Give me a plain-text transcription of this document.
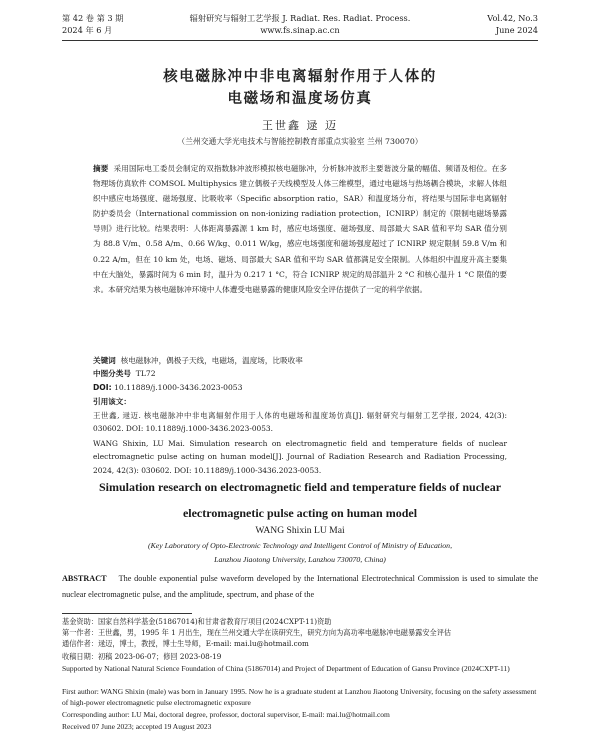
第 42 卷 第 3 期
2024 年 6 月
辐射研究与辐射工艺学报 J. Radiat. Res. Radiat. Process.
www.fs.sinap.ac.cn
Vol.42, No.3
June 2024
核电磁脉冲中非电离辐射作用于人体的
电磁场和温度场仿真
王世鑫 逯 迈
（兰州交通大学光电技术与智能控制教育部重点实验室 兰州 730070）
摘要 采用国际电工委员会制定的双指数脉冲波形模拟核电磁脉冲，分析脉冲波形主要谐波分量的幅值、频谱及相位。在多物理场仿真软件 COMSOL Multiphysics 建立偶极子天线模型及人体三维模型，通过电磁场与热场耦合模块，求解人体组织中感应电场强度、磁场强度、比吸收率（Specific absorption ratio，SAR）和温度场分布，将结果与国际非电离辐射防护委员会（International commission on non-ionizing radiation protection，ICNIRP）制定的《限制电磁场暴露导则》进行比较。结果表明：人体距离暴露源 1 km 时，感应电场强度、磁场强度、局部最大 SAR 值和平均 SAR 值分别为 88.8 V/m、0.58 A/m、0.66 W/kg、0.011 W/kg，感应电场强度和磁场强度超过了 ICNIRP 规定限制 59.8 V/m 和 0.22 A/m，但在 10 km 处，电场、磁场、局部最大 SAR 值和平均 SAR 值都满足安全限制。人体组织中温度升高主要集中在大脑处，暴露时间为 6 min 时，温升为 0.217 1 °C，符合 ICNIRP 规定的局部温升 2 °C 和核心温升 1 °C 限值的要求。本研究结果为核电磁脉冲环境中人体遭受电磁暴露的健康风险安全评估提供了一定的科学依据。
关键词 核电磁脉冲，偶极子天线，电磁场，温度场，比吸收率
中图分类号 TL72
DOI: 10.11889/j.1000-3436.2023-0053
引用该文：
王世鑫, 逯迈. 核电磁脉冲中非电离辐射作用于人体的电磁场和温度场仿真[J]. 辐射研究与辐射工艺学报, 2024, 42(3): 030602. DOI: 10.11889/j.1000-3436.2023-0053.
WANG Shixin, LU Mai. Simulation research on electromagnetic field and temperature fields of nuclear electromagnetic pulse acting on human model[J]. Journal of Radiation Research and Radiation Processing, 2024, 42(3): 030602. DOI: 10.11889/j.1000-3436.2023-0053.
Simulation research on electromagnetic field and temperature fields of nuclear
electromagnetic pulse acting on human model
WANG Shixin LU Mai
(Key Laboratory of Opto-Electronic Technology and Intelligent Control of Ministry of Education,
Lanzhou Jiaotong University, Lanzhou 730070, China)
ABSTRACT The double exponential pulse waveform developed by the International Electrotechnical Commission is used to simulate the nuclear electromagnetic pulse, and the amplitude, spectrum, and phase of the
基金资助：国家自然科学基金(51867014)和甘肃省教育厅项目(2024CXPT-11)资助
第一作者：王世鑫，男，1995 年 1 月出生，现在兰州交通大学在读研究生，研究方向为高功率电磁脉冲电磁暴露安全评估
通信作者：逯迈，博士，教授，博士生导师，E-mail: mai.lu@hotmail.com
收稿日期：初稿 2023-06-07；修回 2023-08-19
Supported by National Natural Science Foundation of China (51867014) and Project of Department of Education of Gansu Province (2024CXPT-11)
First author: WANG Shixin (male) was born in January 1995. Now he is a graduate student at Lanzhou Jiaotong University, focusing on the safety assessment of high-power electromagnetic pulse electromagnetic exposure
Corresponding author: LU Mai, doctoral degree, professor, doctoral supervisor, E-mail: mai.lu@hotmail.com
Received 07 June 2023; accepted 19 August 2023
